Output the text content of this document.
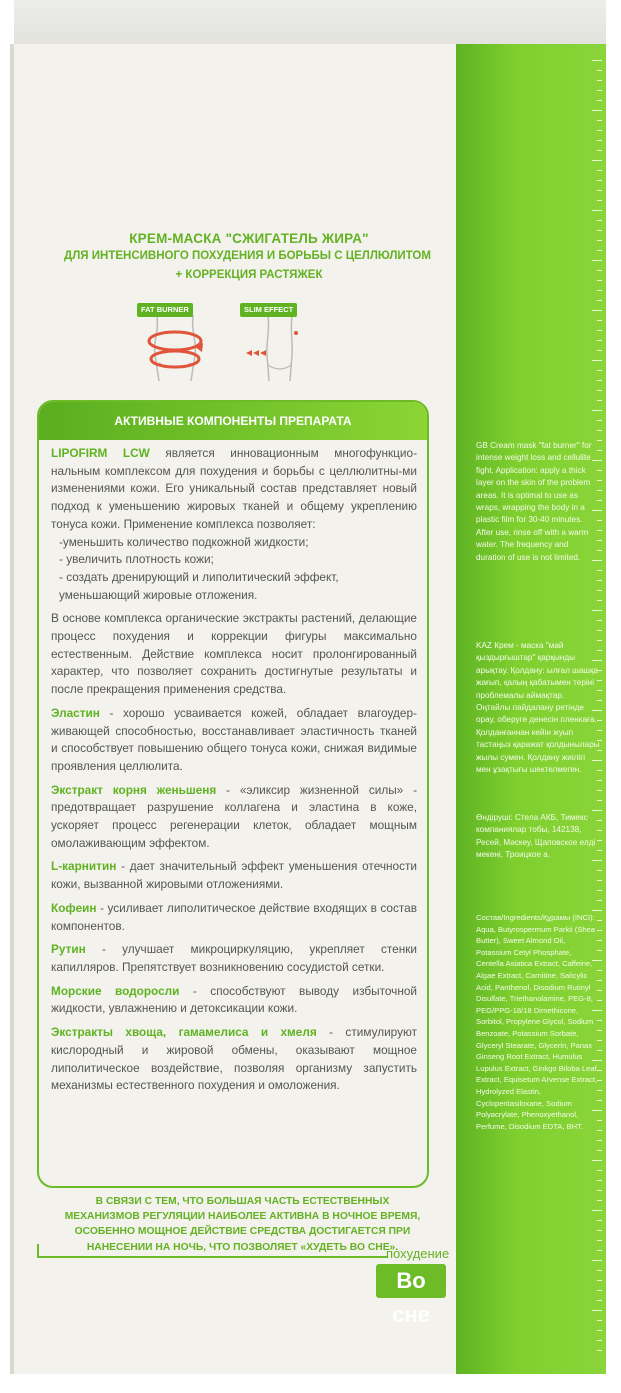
КРЕМ-МАСКА "СЖИГАТЕЛЬ ЖИРА"
ДЛЯ ИНТЕНСИВНОГО ПОХУДЕНИЯ И БОРЬБЫ С ЦЕЛЛЮЛИТОМ
+ КОРРЕКЦИЯ РАСТЯЖЕК
FAT BURNER	SLIM EFFECT
АКТИВНЫЕ КОМПОНЕНТЫ ПРЕПАРАТА

LIPOFIRM LCW является инновационным многофункцио-нальным комплексом для похудения и борьбы с целлюлитны-ми изменениями кожи. Его уникальный состав представляет новый подход к уменьшению жировых тканей и общему укреплению тонуса кожи. Применение комплекса позволяет:
-уменьшить количество подкожной жидкости;
- увеличить плотность кожи;
- создать дренирующий и липолитический эффект, уменьшающий жировые отложения.

В основе комплекса органические экстракты растений, делающие процесс похудения и коррекции фигуры максимально естественным. Действие комплекса носит пролонгированный характер, что позволяет сохранить достигнутые результаты и после прекращения применения средства.

Эластин - хорошо усваивается кожей, обладает влагоудер-живающей способностью, восстанавливает эластичность тканей и способствует повышению общего тонуса кожи, снижая видимые проявления целлюлита.

Экстракт корня женьшеня - «эликсир жизненной силы» - предотвращает разрушение коллагена и эластина в коже, ускоряет процесс регенерации клеток, обладает мощным омолаживающим эффектом.

L-карнитин - дает значительный эффект уменьшения отечности кожи, вызванной жировыми отложениями.

Кофеин - усиливает липолитическое действие входящих в состав компонентов.

Рутин - улучшает микроциркуляцию, укрепляет стенки капилляров. Препятствует возникновению сосудистой сетки.

Морские водоросли - способствуют выводу избыточной жидкости, увлажнению и детоксикации кожи.

Экстракты хвоща, гамамелиса и хмеля - стимулируют кислородный и жировой обмены, оказывают мощное липолитическое воздействие, позволяя организму запустить механизмы естественного похудения и омоложения.

В СВЯЗИ С ТЕМ, ЧТО БОЛЬШАЯ ЧАСТЬ ЕСТЕСТВЕННЫХ МЕХАНИЗМОВ РЕГУЛЯЦИИ НАИБОЛЕЕ АКТИВНА В НОЧНОЕ ВРЕМЯ, ОСОБЕННО МОЩНОЕ ДЕЙСТВИЕ СРЕДСТВА ДОСТИГАЕТСЯ ПРИ НАНЕСЕНИИ НА НОЧЬ, ЧТО ПОЗВОЛЯЕТ «ХУДЕТЬ ВО СНЕ».
похудение
Во сне
GB Cream mask "fat burner" for intense weight loss and cellulite fight. Application: apply a thick layer on the skin of the problem areas. It is optimal to use as wraps, wrapping the body in a plastic film for 30-40 minutes. After use, rinse off with a warm water. The frequency and duration of use is not limited.
KAZ Крем - маска "май қыздырғыштар" қарқынды арықтау. Қолдану: ылғал шашқа жағып, қалың қабатымен теріні проблемалы аймақтар. Оңтайлы пайдалану ретінде орау, оберуге денесін пленкаға. Қолданғаннан кейін жуып тастаңыз қаражат қолдынылары жылы сумен. Қолдану жиілігі мен ұзақтығы шектелмеген.
Өндіруші: Стела АКБ, Тимекс компаниялар тобы, 142138, Ресей, Мәскеу, Щаповское елді мекені, Троицкое а.
Состав/Ingredients/Құрамы (INCI): Aqua, Butyrospermum Parkii (Shea Butter), Sweet Almond Oil, Potassium Cetyl Phosphate, Centella Asiatica Extract, Caffeine, Algae Extract, Carnitine, Salicylic Acid, Panthenol, Disodium Rutinyl Disulfate, Triethanolamine, PEG-8, PEG/PPG-18/18 Dimethicone, Sorbitol, Propylene Glycol, Sodium Benzoate, Potassium Sorbate, Glyceryl Stearate, Glycerin, Panax Ginseng Root Extract, Humulus Lupulus Extract, Ginkgo Biloba Leaf Extract, Equisetum Arvense Extract, Hydrolyzed Elastin, Cyclopentasiloxane, Sodium Polyacrylate, Phenoxyethanol, Perfume, Disodium EDTA, BHT.
